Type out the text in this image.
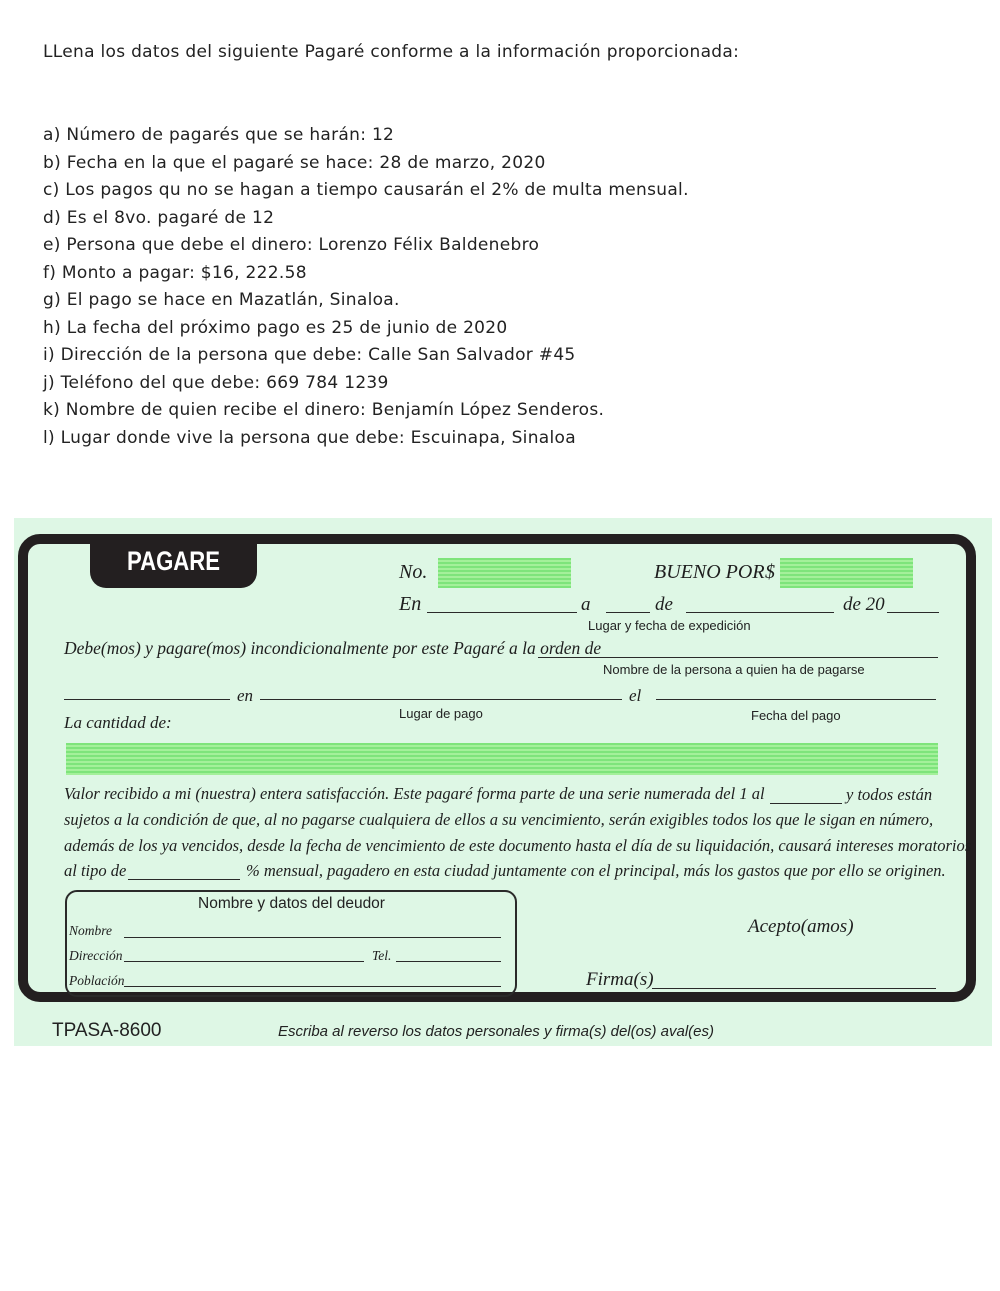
LLena los datos del siguiente Pagaré conforme a la información proporcionada:
a) Número de pagarés que se harán: 12
b) Fecha en la que el pagaré se hace: 28 de marzo, 2020
c) Los pagos qu no se hagan a tiempo causarán el 2% de multa mensual.
d) Es el 8vo. pagaré de 12
e) Persona que debe el dinero: Lorenzo Félix Baldenebro
f) Monto a pagar: $16, 222.58
g) El pago se hace en Mazatlán, Sinaloa.
h) La fecha del próximo pago es 25 de junio de 2020
i) Dirección de la persona que debe: Calle San Salvador #45
j) Teléfono del que debe: 669 784 1239
k) Nombre de quien recibe el dinero: Benjamín López Senderos.
l) Lugar donde vive la persona que debe: Escuinapa, Sinaloa
PAGARE	No.	BUENO POR $
En	a	de	de 20
Lugar y fecha de expedición
Debe(mos) y pagare(mos) incondicionalmente por este Pagaré a la orden de
Nombre de la persona a quien ha de pagarse
en	el
La cantidad de:	Lugar de pago	Fecha del pago
Valor recibido a mi (nuestra) entera satisfacción. Este pagaré forma parte de una serie numerada del 1 al	y todos están
sujetos a la condición de que, al no pagarse cualquiera de ellos a su vencimiento, serán exigibles todos los que le sigan en número,
además de los ya vencidos, desde la fecha de vencimiento de este documento hasta el día de su liquidación, causará intereses moratorios
al tipo de	% mensual, pagadero en esta ciudad juntamente con el principal, más los gastos que por ello se originen.
Nombre y datos del deudor
Nombre
Dirección	Tel.
Población
Acepto(amos)
Firma(s)
TPASA-8600	Escriba al reverso los datos personales y firma(s) del(os) aval(es)
